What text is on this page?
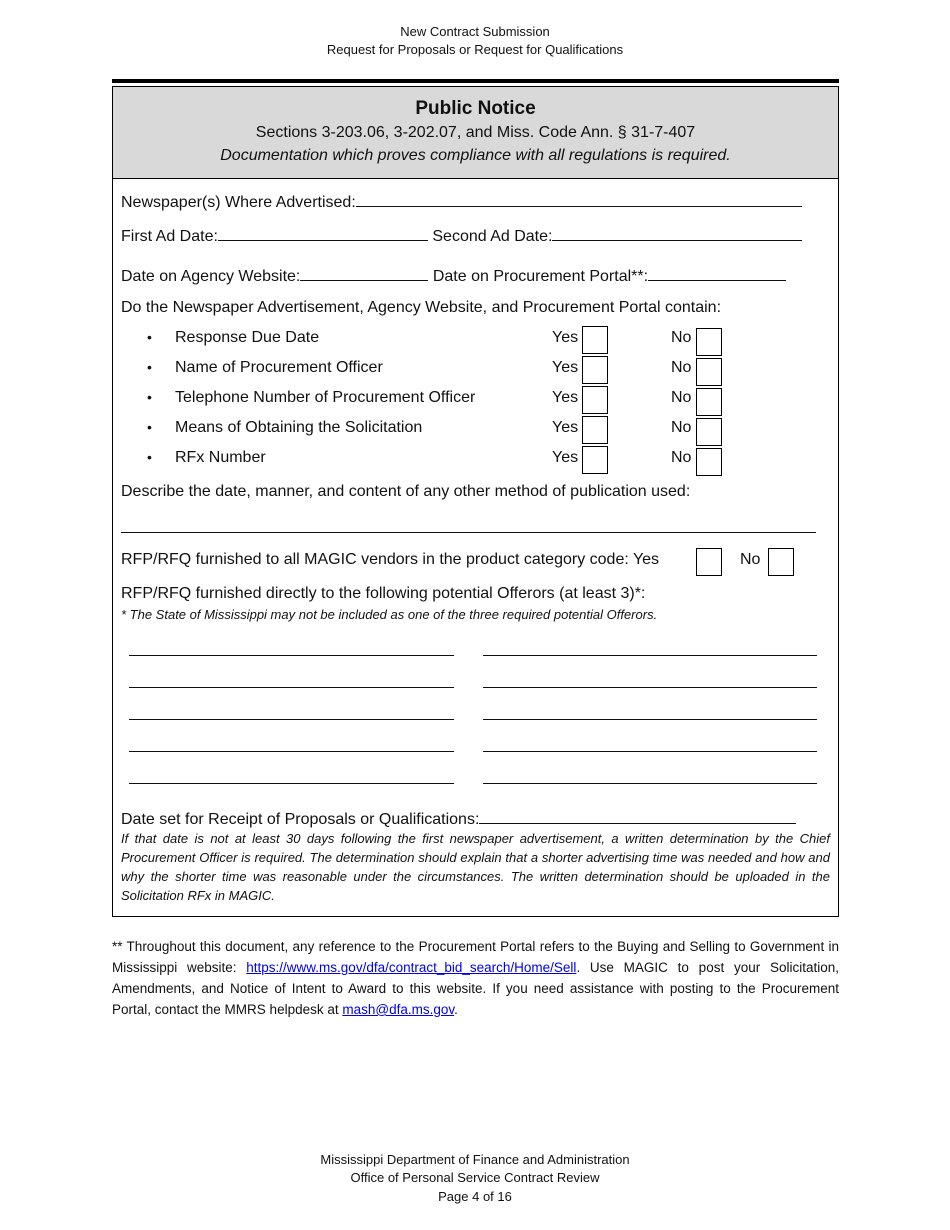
New Contract Submission
Request for Proposals or Request for Qualifications
Public Notice
Sections 3-203.06, 3-202.07, and Miss. Code Ann. § 31-7-407
Documentation which proves compliance with all regulations is required.
Newspaper(s) Where Advertised:
First Ad Date:	Second Ad Date:
Date on Agency Website:	Date on Procurement Portal**:
Do the Newspaper Advertisement, Agency Website, and Procurement Portal contain:
• Response Due Date	Yes	No
• Name of Procurement Officer	Yes	No
• Telephone Number of Procurement Officer	Yes	No
• Means of Obtaining the Solicitation	Yes	No
• RFx Number	Yes	No
Describe the date, manner, and content of any other method of publication used:
RFP/RFQ furnished to all MAGIC vendors in the product category code: Yes	No
RFP/RFQ furnished directly to the following potential Offerors (at least 3)*:
* The State of Mississippi may not be included as one of the three required potential Offerors.
Date set for Receipt of Proposals or Qualifications:
If that date is not at least 30 days following the first newspaper advertisement, a written determination by the Chief Procurement Officer is required. The determination should explain that a shorter advertising time was needed and how and why the shorter time was reasonable under the circumstances. The written determination should be uploaded in the Solicitation RFx in MAGIC.
** Throughout this document, any reference to the Procurement Portal refers to the Buying and Selling to Government in Mississippi website: https://www.ms.gov/dfa/contract_bid_search/Home/Sell. Use MAGIC to post your Solicitation, Amendments, and Notice of Intent to Award to this website. If you need assistance with posting to the Procurement Portal, contact the MMRS helpdesk at mash@dfa.ms.gov.
Mississippi Department of Finance and Administration
Office of Personal Service Contract Review
Page 4 of 16
